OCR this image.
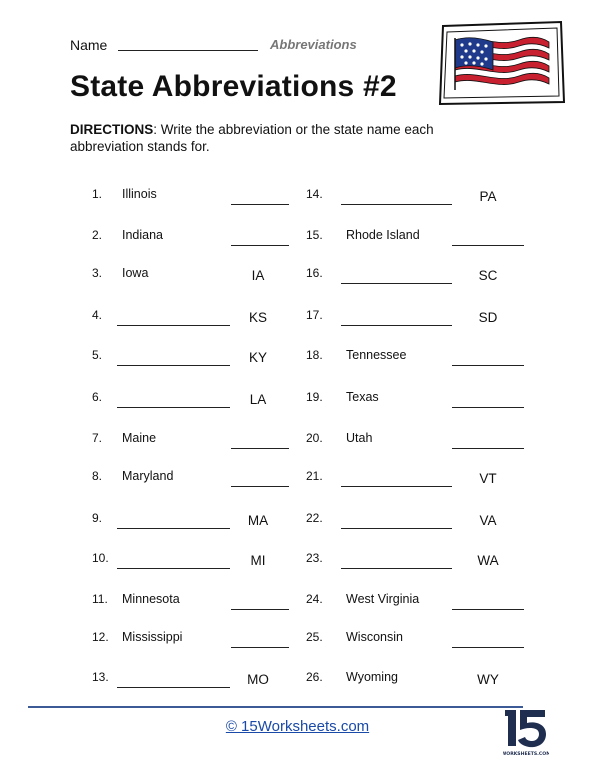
Name	Abbreviations
State Abbreviations #2

DIRECTIONS: Write the abbreviation or the state name each abbreviation stands for.

1. Illinois
2. Indiana
3. Iowa	IA
4.	KS
5.	KY
6.	LA
7. Maine
8. Maryland
9.	MA
10.	MI
11. Minnesota
12. Mississippi
13.	MO
14.	PA
15. Rhode Island
16.	SC
17.	SD
18. Tennessee
19. Texas
20. Utah
21.	VT
22.	VA
23.	WA
24. West Virginia
25. Wisconsin
26. Wyoming	WY
© 15Worksheets.com
WORKSHEETS.COM
